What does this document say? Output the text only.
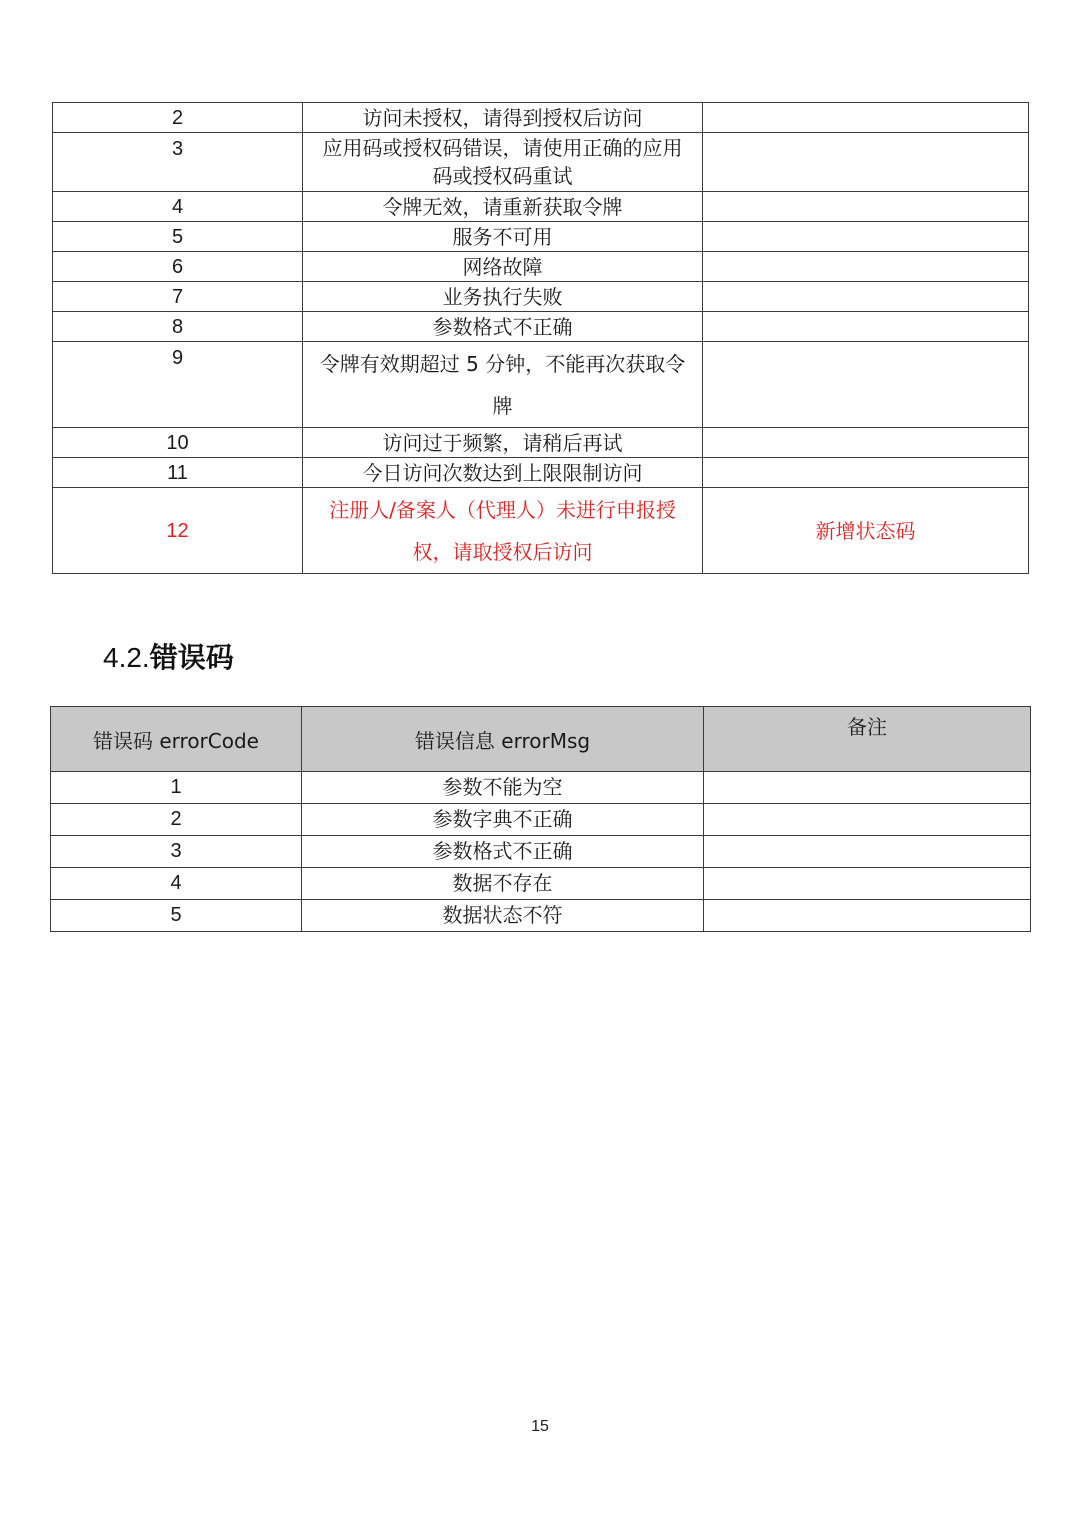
2	访问未授权，请得到授权后访问	
3	应用码或授权码错误，请使用正确的应用码或授权码重试	
4	令牌无效，请重新获取令牌	
5	服务不可用	
6	网络故障	
7	业务执行失败	
8	参数格式不正确	
9	令牌有效期超过 5 分钟，不能再次获取令牌	
10	访问过于频繁，请稍后再试	
11	今日访问次数达到上限限制访问	
12	注册人/备案人（代理人）未进行申报授权，请取授权后访问	新增状态码
4.2.错误码
错误码 errorCode	错误信息 errorMsg	备注
1	参数不能为空	
2	参数字典不正确	
3	参数格式不正确	
4	数据不存在	
5	数据状态不符	
15
